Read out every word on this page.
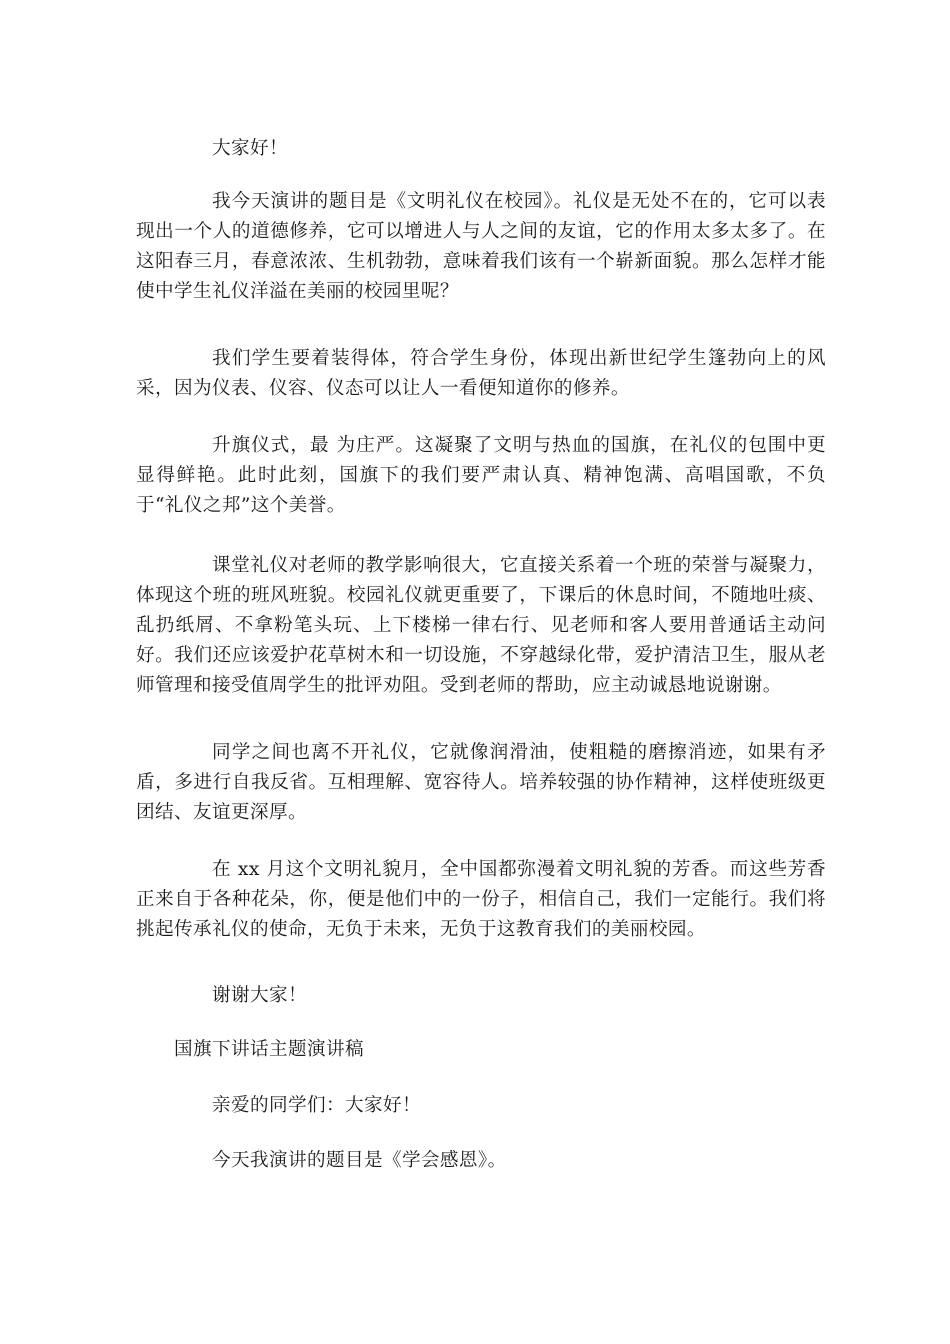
大家好！

我今天演讲的题目是《文明礼仪在校园》。礼仪是无处不在的，它可以表现出一个人的道德修养，它可以增进人与人之间的友谊，它的作用太多太多了。在这阳春三月，春意浓浓、生机勃勃，意味着我们该有一个崭新面貌。那么怎样才能使中学生礼仪洋溢在美丽的校园里呢？

我们学生要着装得体，符合学生身份，体现出新世纪学生篷勃向上的风采，因为仪表、仪容、仪态可以让人一看便知道你的修养。

升旗仪式，最 为庄严。这凝聚了文明与热血的国旗，在礼仪的包围中更显得鲜艳。此时此刻，国旗下的我们要严肃认真、精神饱满、高唱国歌，不负于“礼仪之邦”这个美誉。

课堂礼仪对老师的教学影响很大，它直接关系着一个班的荣誉与凝聚力，体现这个班的班风班貌。校园礼仪就更重要了，下课后的休息时间，不随地吐痰、乱扔纸屑、不拿粉笔头玩、上下楼梯一律右行、见老师和客人要用普通话主动问好。我们还应该爱护花草树木和一切设施，不穿越绿化带，爱护清洁卫生，服从老师管理和接受值周学生的批评劝阻。受到老师的帮助，应主动诚恳地说谢谢。

同学之间也离不开礼仪，它就像润滑油，使粗糙的磨擦消迹，如果有矛盾，多进行自我反省。互相理解、宽容待人。培养较强的协作精神，这样使班级更团结、友谊更深厚。

在 xx 月这个文明礼貌月，全中国都弥漫着文明礼貌的芳香。而这些芳香正来自于各种花朵，你，便是他们中的一份子，相信自己，我们一定能行。我们将挑起传承礼仪的使命，无负于未来，无负于这教育我们的美丽校园。

谢谢大家！

国旗下讲话主题演讲稿

亲爱的同学们：大家好！

今天我演讲的题目是《学会感恩》。
